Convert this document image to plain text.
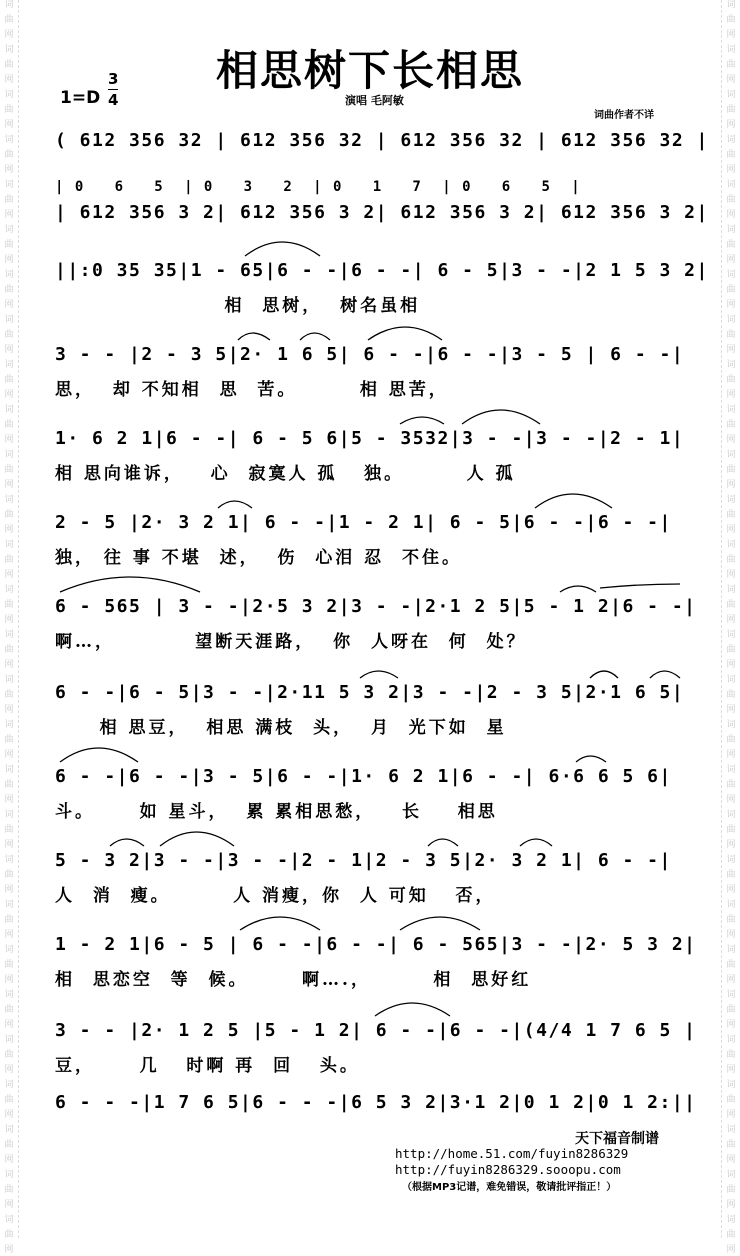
词
曲
网
词
曲
网
词
曲
网
词
曲
网
词
曲
网
词
曲
网
词
曲
网
词
曲
网
词
曲
网
词
曲
网
词
曲
网
词
曲
网
词
曲
网
词
曲
网
词
曲
网
词
曲
网
词
曲
网
词
曲
网
词
曲
网
词
曲
网
词
曲
网
词
曲
网
词
曲
网
词
曲
网
词
曲
网
词
曲
网
词
曲
网
词
曲
网
词
曲
网
词
曲
网
词
曲
网
词
曲
网
词
曲
网
词
曲
网
词
曲
网
词
曲
网
词
曲
网
词
曲
网
词
曲
网
词
曲
网
词
曲
网
词
曲
网
词
曲
网
词
曲
网
词
曲
网
词
曲
网
词
曲
网
词
曲
网
词
曲
网
词
曲
网
词
曲
网
词
曲
网
词
曲
网
词
曲
网
词
曲
网
词
曲
网
相思树下长相思
1=D
3
4	演唱 毛阿敏
词曲作者不详
( 612 356 32 | 612 356 32 | 612 356 32 | 612 356 32 |
| 0   6   5  | 0   3   2  | 0   1   7  | 0   6   5  |
| 612 356 3 2| 612 356 3 2| 612 356 3 2| 612 356 3 2|
||:0 35 35|1 - 65|6 - -|6 - -| 6 - 5|3 - -|2 1 5 3 2|
相  思树，  树名虽相
3 - - |2 - 3 5|2· 1 6 5| 6 - -|6 - -|3 - 5 | 6 - -|
思，  却 不知相  思  苦。       相 思苦，
1· 6 2 1|6 - -| 6 - 5 6|5 - 3532|3 - -|3 - -|2 - 1|
相 思向谁诉，   心  寂寞人 孤   独。       人 孤
2 - 5 |2· 3 2 1| 6 - -|1 - 2 1| 6 - 5|6 - -|6 - -|
独， 往 事 不堪  述，  伤  心泪 忍  不住。
6 - 565 | 3 - -|2·5 3 2|3 - -|2·1 2 5|5 - 1 2|6 - -|
啊…，         望断天涯路，  你  人呀在  何  处？
6 - -|6 - 5|3 - -|2·11 5 3 2|3 - -|2 - 3 5|2·1 6 5|
相 思豆，  相思 满枝  头，  月  光下如  星
6 - -|6 - -|3 - 5|6 - -|1· 6 2 1|6 - -| 6·6 6 5 6|
斗。     如 星斗，  累 累相思愁，   长    相思
5 - 3 2|3 - -|3 - -|2 - 1|2 - 3 5|2· 3 2 1| 6 - -|
人  消  瘦。       人 消瘦，你  人 可知   否，
1 - 2 1|6 - 5 | 6 - -|6 - -| 6 - 565|3 - -|2· 5 3 2|
相  思恋空  等  候。      啊….，       相  思好红
3 - - |2· 1 2 5 |5 - 1 2| 6 - -|6 - -|(4/4 1 7 6 5 |
豆，     几   时啊 再  回   头。
6 - - -|1 7 6 5|6 - - -|6 5 3 2|3·1 2|0 1 2|0 1 2:||
天下福音制谱
http://home.51.com/fuyin8286329
http://fuyin8286329.sooopu.com
（根据MP3记谱，难免错误，敬请批评指正！）
